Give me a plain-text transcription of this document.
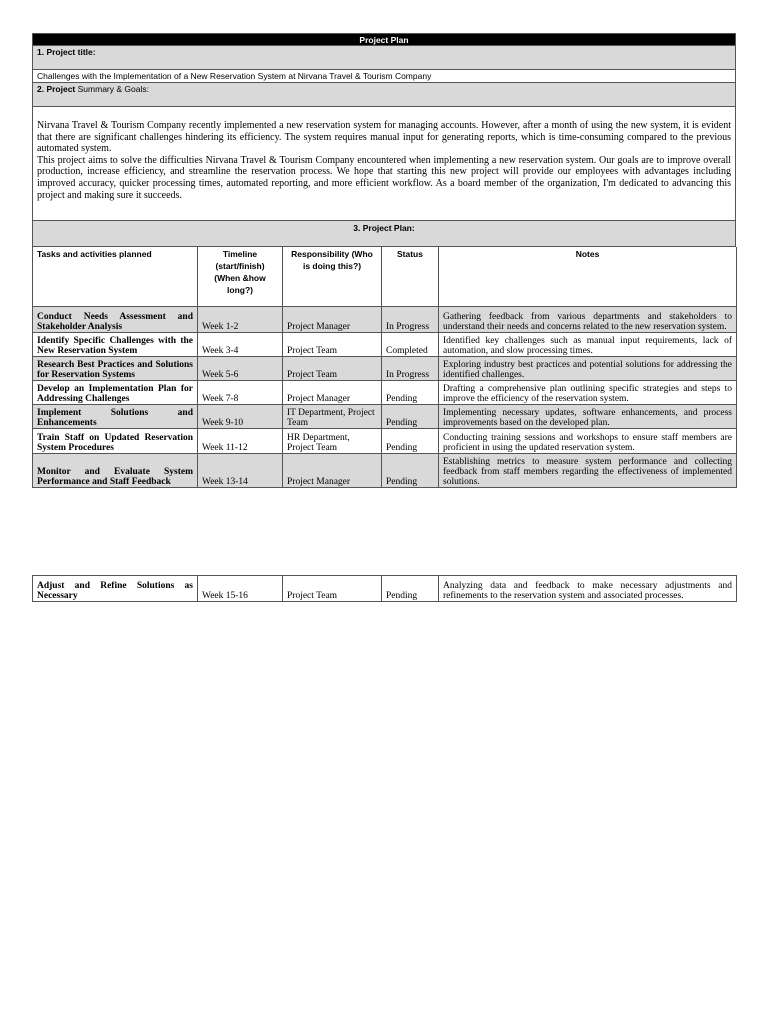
Project Plan
1. Project title:
Challenges with the Implementation of a New Reservation System at Nirvana Travel & Tourism Company
2. Project Summary & Goals:

Nirvana Travel & Tourism Company recently implemented a new reservation system for managing accounts. However, after a month of using the new system, it is evident that there are significant challenges hindering its efficiency. The system requires manual input for generating reports, which is time-consuming compared to the previous automated system.

This project aims to solve the difficulties Nirvana Travel & Tourism Company encountered when implementing a new reservation system. Our goals are to improve overall production, increase efficiency, and streamline the reservation process. We hope that starting this new project will provide our employees with advantages including improved accuracy, quicker processing times, automated reporting, and more efficient workflow. As a board member of the organization, I'm dedicated to advancing this project and making sure it succeeds.

3. Project Plan:
Tasks and activities planned	Timeline (start/finish) (When &how long?)	Responsibility (Who is doing this?)	Status	Notes
Conduct Needs Assessment and Stakeholder Analysis	Week 1-2	Project Manager	In Progress	Gathering feedback from various departments and stakeholders to understand their needs and concerns related to the new reservation system.
Identify Specific Challenges with the New Reservation System	Week 3-4	Project Team	Completed	Identified key challenges such as manual input requirements, lack of automation, and slow processing times.
Research Best Practices and Solutions for Reservation Systems	Week 5-6	Project Team	In Progress	Exploring industry best practices and potential solutions for addressing the identified challenges.
Develop an Implementation Plan for Addressing Challenges	Week 7-8	Project Manager	Pending	Drafting a comprehensive plan outlining specific strategies and steps to improve the efficiency of the reservation system.
Implement Solutions and Enhancements	Week 9-10	IT Department, Project Team	Pending	Implementing necessary updates, software enhancements, and process improvements based on the developed plan.
Train Staff on Updated Reservation System Procedures	Week 11-12	HR Department, Project Team	Pending	Conducting training sessions and workshops to ensure staff members are proficient in using the updated reservation system.
Monitor and Evaluate System Performance and Staff Feedback	Week 13-14	Project Manager	Pending	Establishing metrics to measure system performance and collecting feedback from staff members regarding the effectiveness of implemented solutions.
Adjust and Refine Solutions as Necessary	Week 15-16	Project Team	Pending	Analyzing data and feedback to make necessary adjustments and refinements to the reservation system and associated processes.
